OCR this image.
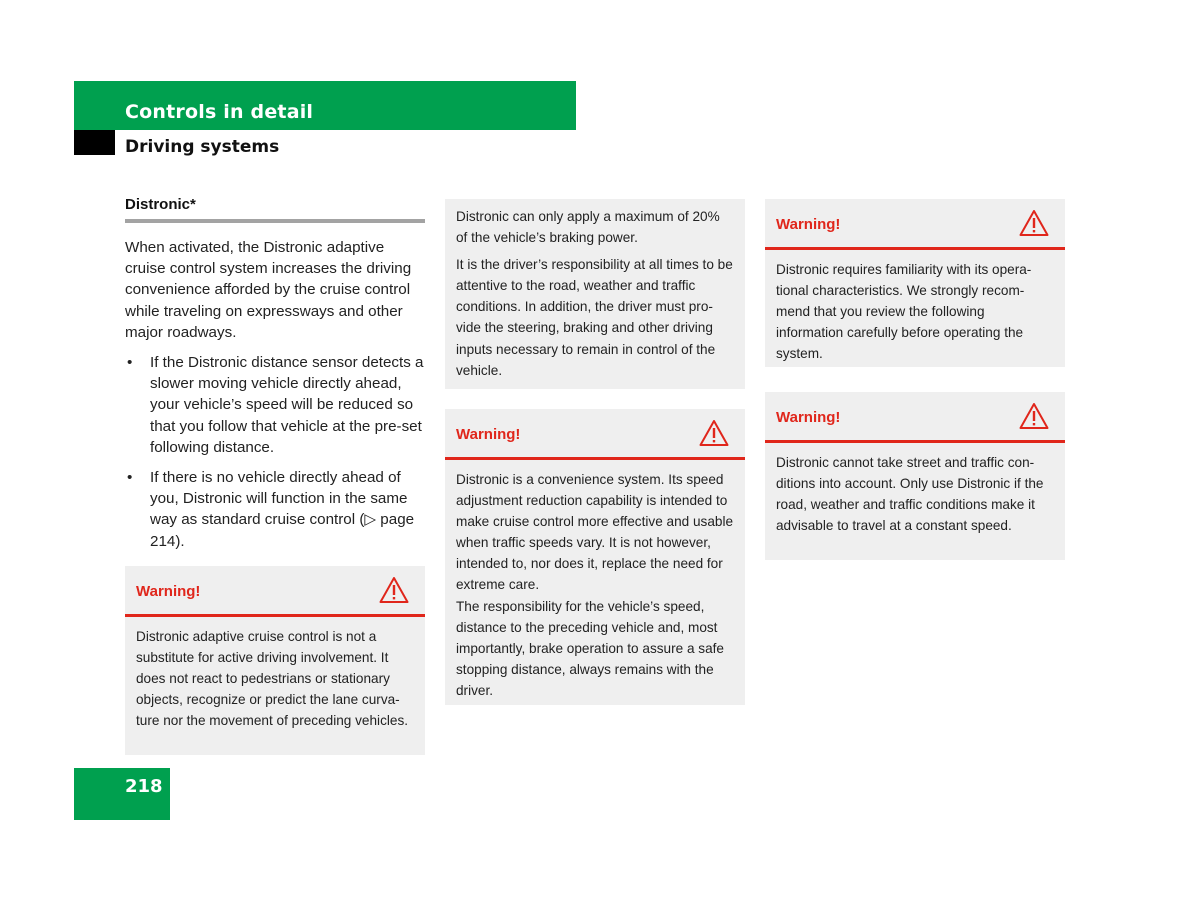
Controls in detail
Driving systems
Distronic*

When activated, the Distronic adaptive cruise control system increases the driving convenience afforded by the cruise control while traveling on expressways and other major roadways.

• If the Distronic distance sensor detects a slower moving vehicle directly ahead, your vehicle’s speed will be reduced so that you follow that vehicle at the pre-set following distance.
• If there is no vehicle directly ahead of you, Distronic will function in the same way as standard cruise control (▷ page 214).
Warning!

Distronic adaptive cruise control is not a substitute for active driving involvement. It does not react to pedestrians or stationary objects, recognize or predict the lane curva-ture nor the movement of preceding vehicles.

Distronic can only apply a maximum of 20% of the vehicle’s braking power.

It is the driver’s responsibility at all times to be attentive to the road, weather and traffic conditions. In addition, the driver must pro-vide the steering, braking and other driving inputs necessary to remain in control of the vehicle.

Warning!

Distronic is a convenience system. Its speed adjustment reduction capability is intended to make cruise control more effective and usable when traffic speeds vary. It is not however, intended to, nor does it, replace the need for extreme care.

The responsibility for the vehicle’s speed, distance to the preceding vehicle and, most importantly, brake operation to assure a safe stopping distance, always remains with the driver.

Warning!

Distronic requires familiarity with its opera-tional characteristics. We strongly recom-mend that you review the following information carefully before operating the system.

Warning!

Distronic cannot take street and traffic con-ditions into account. Only use Distronic if the road, weather and traffic conditions make it advisable to travel at a constant speed.

218
